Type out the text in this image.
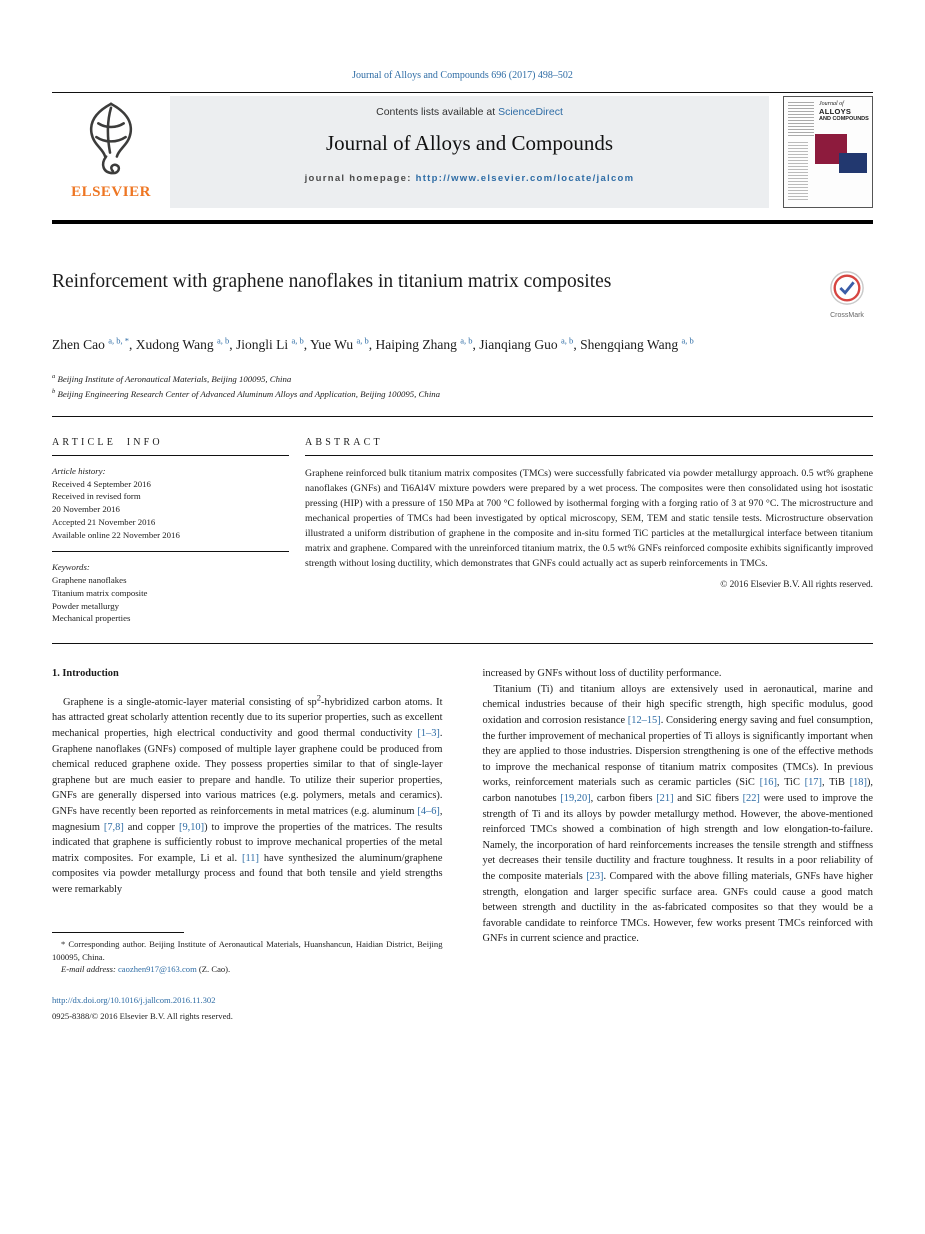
Journal of Alloys and Compounds 696 (2017) 498–502
ELSEVIER
Contents lists available at ScienceDirect
Journal of Alloys and Compounds
journal homepage: http://www.elsevier.com/locate/jalcom
Journal of
ALLOYS
AND COMPOUNDS
Reinforcement with graphene nanoflakes in titanium matrix composites
CrossMark
Zhen Cao $^{a, b, *}$, Xudong Wang $^{a, b}$, Jiongli Li $^{a, b}$, Yue Wu $^{a, b}$, Haiping Zhang $^{a, b}$, Jianqiang Guo $^{a, b}$, Shengqiang Wang $^{a, b}$
$^a$ Beijing Institute of Aeronautical Materials, Beijing 100095, China
$^b$ Beijing Engineering Research Center of Advanced Aluminum Alloys and Application, Beijing 100095, China
ARTICLE INFO
Article history:
Received 4 September 2016
Received in revised form
20 November 2016
Accepted 21 November 2016
Available online 22 November 2016
Keywords:
Graphene nanoflakes
Titanium matrix composite
Powder metallurgy
Mechanical properties
ABSTRACT

Graphene reinforced bulk titanium matrix composites (TMCs) were successfully fabricated via powder metallurgy approach. 0.5 wt% graphene nanoflakes (GNFs) and Ti6Al4V mixture powders were prepared by a wet process. The composites were then consolidated using hot isostatic pressing (HIP) with a pressure of 150 MPa at 700 °C followed by isothermal forging with a forging ratio of 3 at 970 °C. The microstructure and mechanical properties of TMCs had been investigated by optical microscopy, SEM, TEM and static tensile tests. Microstructure observation illustrated a uniform distribution of graphene in the composite and in-situ formed TiC particles at the metallurgical interface between titanium matrix and graphene. Compared with the unreinforced titanium matrix, the 0.5 wt% GNFs reinforced composite exhibits significantly improved strength without losing ductility, which demonstrates that GNFs could actually act as superb reinforcements in TMCs.

© 2016 Elsevier B.V. All rights reserved.
1. Introduction

Graphene is a single-atomic-layer material consisting of $sp^2$-hybridized carbon atoms. It has attracted great scholarly attention recently due to its superior properties, such as excellent mechanical properties, high electrical conductivity and good thermal conductivity [1–3]. Graphene nanoflakes (GNFs) composed of multiple layer graphene could be produced from chemical reduced graphene oxide. They possess properties similar to that of single-layer graphene but are much easier to prepare and handle. To utilize their superior properties, GNFs are generally dispersed into various matrices (e.g. polymers, metals and ceramics). GNFs have recently been reported as reinforcements in metal matrices (e.g. aluminum [4–6], magnesium [7,8] and copper [9,10]) to improve the properties of the matrices. The results indicated that graphene is sufficiently robust to improve mechanical properties of the metal matrix composites. For example, Li et al. [11] have synthesized the aluminum/graphene composites via powder metallurgy process and found that both tensile and yield strengths were remarkably

* Corresponding author. Beijing Institute of Aeronautical Materials, Huanshancun, Haidian District, Beijing 100095, China.

E-mail address: caozhen917@163.com (Z. Cao).

http://dx.doi.org/10.1016/j.jallcom.2016.11.302
0925-8388/© 2016 Elsevier B.V. All rights reserved.

increased by GNFs without loss of ductility performance.

Titanium (Ti) and titanium alloys are extensively used in aeronautical, marine and chemical industries because of their high specific strength, high specific modulus, good oxidation and corrosion resistance [12–15]. Considering energy saving and fuel consumption, the further improvement of mechanical properties of Ti alloys is significantly important when they are applied to those industries. Dispersion strengthening is one of the effective methods to improve the mechanical response of titanium matrix composites (TMCs). In previous works, reinforcement materials such as ceramic particles (SiC [16], TiC [17], TiB [18]), carbon nanotubes [19,20], carbon fibers [21] and SiC fibers [22] were used to improve the strength of Ti and its alloys by powder metallurgy method. However, the above-mentioned reinforced TMCs showed a combination of high strength and low elongation-to-failure. Namely, the incorporation of hard reinforcements increases the tensile strength and stiffness yet decreases their tensile ductility and fracture toughness. It results in a poor reliability of the composite materials [23]. Compared with the above filling materials, GNFs have higher strength, elongation and larger specific surface area. GNFs could cause a good match between strength and ductility in the as-fabricated composites so that they would be a favorable candidate to reinforce TMCs. However, few works present TMCs reinforced with GNFs in current science and practice.
